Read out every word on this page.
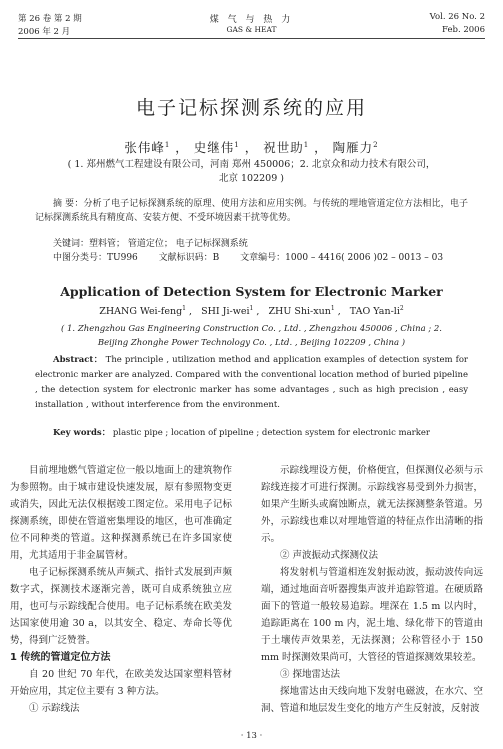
第 26 卷 第 2 期
2006 年 2 月
煤 气 与 热 力
GAS & HEAT
Vol. 26 No. 2
Feb. 2006
电子记标探测系统的应用
张伟峰$^1$ ， 史继伟$^1$ ， 祝世助$^1$ ， 陶雁力$^2$
( 1. 郑州燃气工程建设有限公司，河南 郑州 450006；2. 北京众和动力技术有限公司，
北京 102209 )
摘 要：分析了电子记标探测系统的原理、使用方法和应用实例。与传统的埋地管道定位方法相比，电子记标探测系统具有精度高、安装方便、不受环境因素干扰等优势。
关键词：塑料管； 管道定位； 电子记标探测系统
中图分类号：TU996 文献标识码：B 文章编号：1000 – 4416( 2006 )02 – 0013 – 03
Application of Detection System for Electronic Marker
ZHANG Wei-feng$^1$ ,   SHI Ji-wei$^1$ ,   ZHU Shi-xun$^1$ ,   TAO Yan-$li^2$
( 1. Zhengzhou Gas Engineering Construction Co. , Ltd. , Zhengzhou 450006 , China ; 2.
Beijing Zhonghe Power Technology Co. , Ltd. , Beijing 102209 , China )
Abstract： The principle , utilization method and application examples of detection system for electronic marker are analyzed. Compared with the conventional location method of buried pipeline , the detection system for electronic marker has some advantages , such as high precision , easy installation , without interference from the environment.
Key words： plastic pipe ; location of pipeline ; detection system for electronic marker

目前埋地燃气管道定位一般以地面上的建筑物作为参照物。由于城市建设快速发展，原有参照物变更或消失，因此无法仅根据竣工图定位。采用电子记标探测系统，即使在管道密集埋设的地区，也可准确定位不同种类的管道。这种探测系统已在许多国家使用，尤其适用于非金属管材。

电子记标探测系统从声频式、指针式发展到声频数字式，探测技术逐渐完善，既可自成系统独立应用，也可与示踪线配合使用。电子记标系统在欧美发达国家使用逾 30 a，以其安全、稳定、寿命长等优势，得到广泛赞誉。

1 传统的管道定位方法

自 20 世纪 70 年代，在欧美发达国家塑料管材开始应用，其定位主要有 3 种方法。

① 示踪线法

示踪线埋设方便，价格便宜，但探测仪必须与示踪线连接才可进行探测。示踪线容易受到外力损害，如果产生断头或腐蚀断点，就无法探测整条管道。另外，示踪线也难以对埋地管道的特征点作出清晰的指示。

② 声波振动式探测仪法

将发射机与管道相连发射振动波，振动波传向远端，通过地面音听器搜集声波并追踪管道。在硬质路面下的管道一般较易追踪。埋深在 1.5 m 以内时，追踪距离在 100 m 内，泥土地、绿化带下的管道由于土壤传声效果差，无法探测；公称管径小于 150 mm 时探测效果尚可，大管径的管道探测效果较差。

③ 探地雷达法

探地雷达由天线向地下发射电磁波，在水穴、空洞、管道和地层发生变化的地方产生反射波，反射波

· 13 ·
